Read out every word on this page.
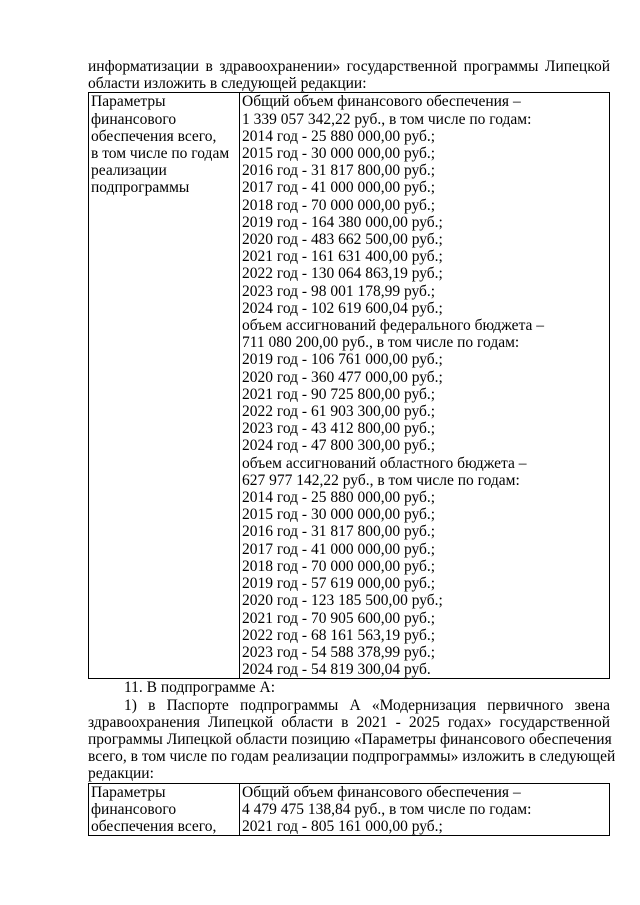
информатизации в здравоохранении» государственной программы Липецкой
области изложить в следующей редакции:
Параметры
финансового
обеспечения всего,
в том числе по годам
реализации
подпрограммы

Общий объем финансового обеспечения –
1 339 057 342,22 руб., в том числе по годам:
2014 год - 25 880 000,00 руб.;
2015 год - 30 000 000,00 руб.;
2016 год - 31 817 800,00 руб.;
2017 год - 41 000 000,00 руб.;
2018 год - 70 000 000,00 руб.;
2019 год - 164 380 000,00 руб.;
2020 год - 483 662 500,00 руб.;
2021 год - 161 631 400,00 руб.;
2022 год - 130 064 863,19 руб.;
2023 год - 98 001 178,99 руб.;
2024 год - 102 619 600,04 руб.;
объем ассигнований федерального бюджета –
711 080 200,00 руб., в том числе по годам:
2019 год - 106 761 000,00 руб.;
2020 год - 360 477 000,00 руб.;
2021 год - 90 725 800,00 руб.;
2022 год - 61 903 300,00 руб.;
2023 год - 43 412 800,00 руб.;
2024 год - 47 800 300,00 руб.;
объем ассигнований областного бюджета –
627 977 142,22 руб., в том числе по годам:
2014 год - 25 880 000,00 руб.;
2015 год - 30 000 000,00 руб.;
2016 год - 31 817 800,00 руб.;
2017 год - 41 000 000,00 руб.;
2018 год - 70 000 000,00 руб.;
2019 год - 57 619 000,00 руб.;
2020 год - 123 185 500,00 руб.;
2021 год - 70 905 600,00 руб.;
2022 год - 68 161 563,19 руб.;
2023 год - 54 588 378,99 руб.;
2024 год - 54 819 300,04 руб.
11. В подпрограмме А:
1) в Паспорте подпрограммы А «Модернизация первичного звена
здравоохранения Липецкой области в 2021 - 2025 годах» государственной
программы Липецкой области позицию «Параметры финансового обеспечения
всего, в том числе по годам реализации подпрограммы» изложить в следующей
редакции:
Параметры
финансового
обеспечения всего,

Общий объем финансового обеспечения –
4 479 475 138,84 руб., в том числе по годам:
2021 год - 805 161 000,00 руб.;
